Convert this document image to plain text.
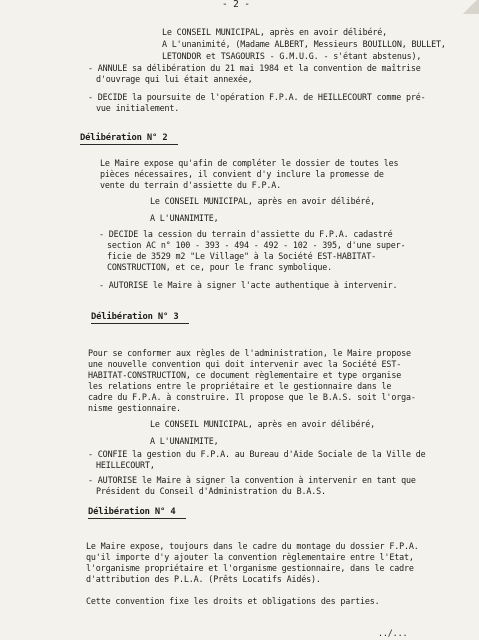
- 2 -
Le CONSEIL MUNICIPAL, après en avoir délibéré,
A L'unanimité, (Madame ALBERT, Messieurs BOUILLON, BULLET,
LETONDOR et TSAGOURIS - G.M.U.G. - s'étant abstenus),
- ANNULE sa délibération du 21 mai 1984 et la convention de maîtrise
d'ouvrage qui lui était annexée,
- DECIDE la poursuite de l'opération F.P.A. de HEILLECOURT comme pré-
vue initialement.
Délibération N° 2
Le Maire expose qu'afin de compléter le dossier de toutes les
pièces nécessaires, il convient d'y inclure la promesse de
vente du terrain d'assiette du F.P.A.
Le CONSEIL MUNICIPAL, après en avoir délibéré,
A L'UNANIMITE,
- DECIDE la cession du terrain d'assiette du F.P.A. cadastré
section AC n° 100 - 393 - 494 - 492 - 102 - 395, d'une super-
ficie de 3529 m2 "Le Village" à la Société EST-HABITAT-
CONSTRUCTION, et ce, pour le franc symbolique.
- AUTORISE le Maire à signer l'acte authentique à intervenir.
Délibération N° 3
Pour se conformer aux règles de l'administration, le Maire propose
une nouvelle convention qui doit intervenir avec la Société EST-
HABITAT-CONSTRUCTION, ce document règlementaire et type organise
les relations entre le propriétaire et le gestionnaire dans le
cadre du F.P.A. à construire. Il propose que le B.A.S. soit l'orga-
nisme gestionnaire.
Le CONSEIL MUNICIPAL, après en avoir délibéré,
A L'UNANIMITE,
- CONFIE la gestion du F.P.A. au Bureau d'Aide Sociale de la Ville de
HEILLECOURT,
- AUTORISE le Maire à signer la convention à intervenir en tant que
Président du Conseil d'Administration du B.A.S.
Délibération N° 4
Le Maire expose, toujours dans le cadre du montage du dossier F.P.A.
qu'il importe d'y ajouter la convention règlementaire entre l'Etat,
l'organisme propriétaire et l'organisme gestionnaire, dans le cadre
d'attribution des P.L.A. (Prêts Locatifs Aidés).
Cette convention fixe les droits et obligations des parties.
../...
